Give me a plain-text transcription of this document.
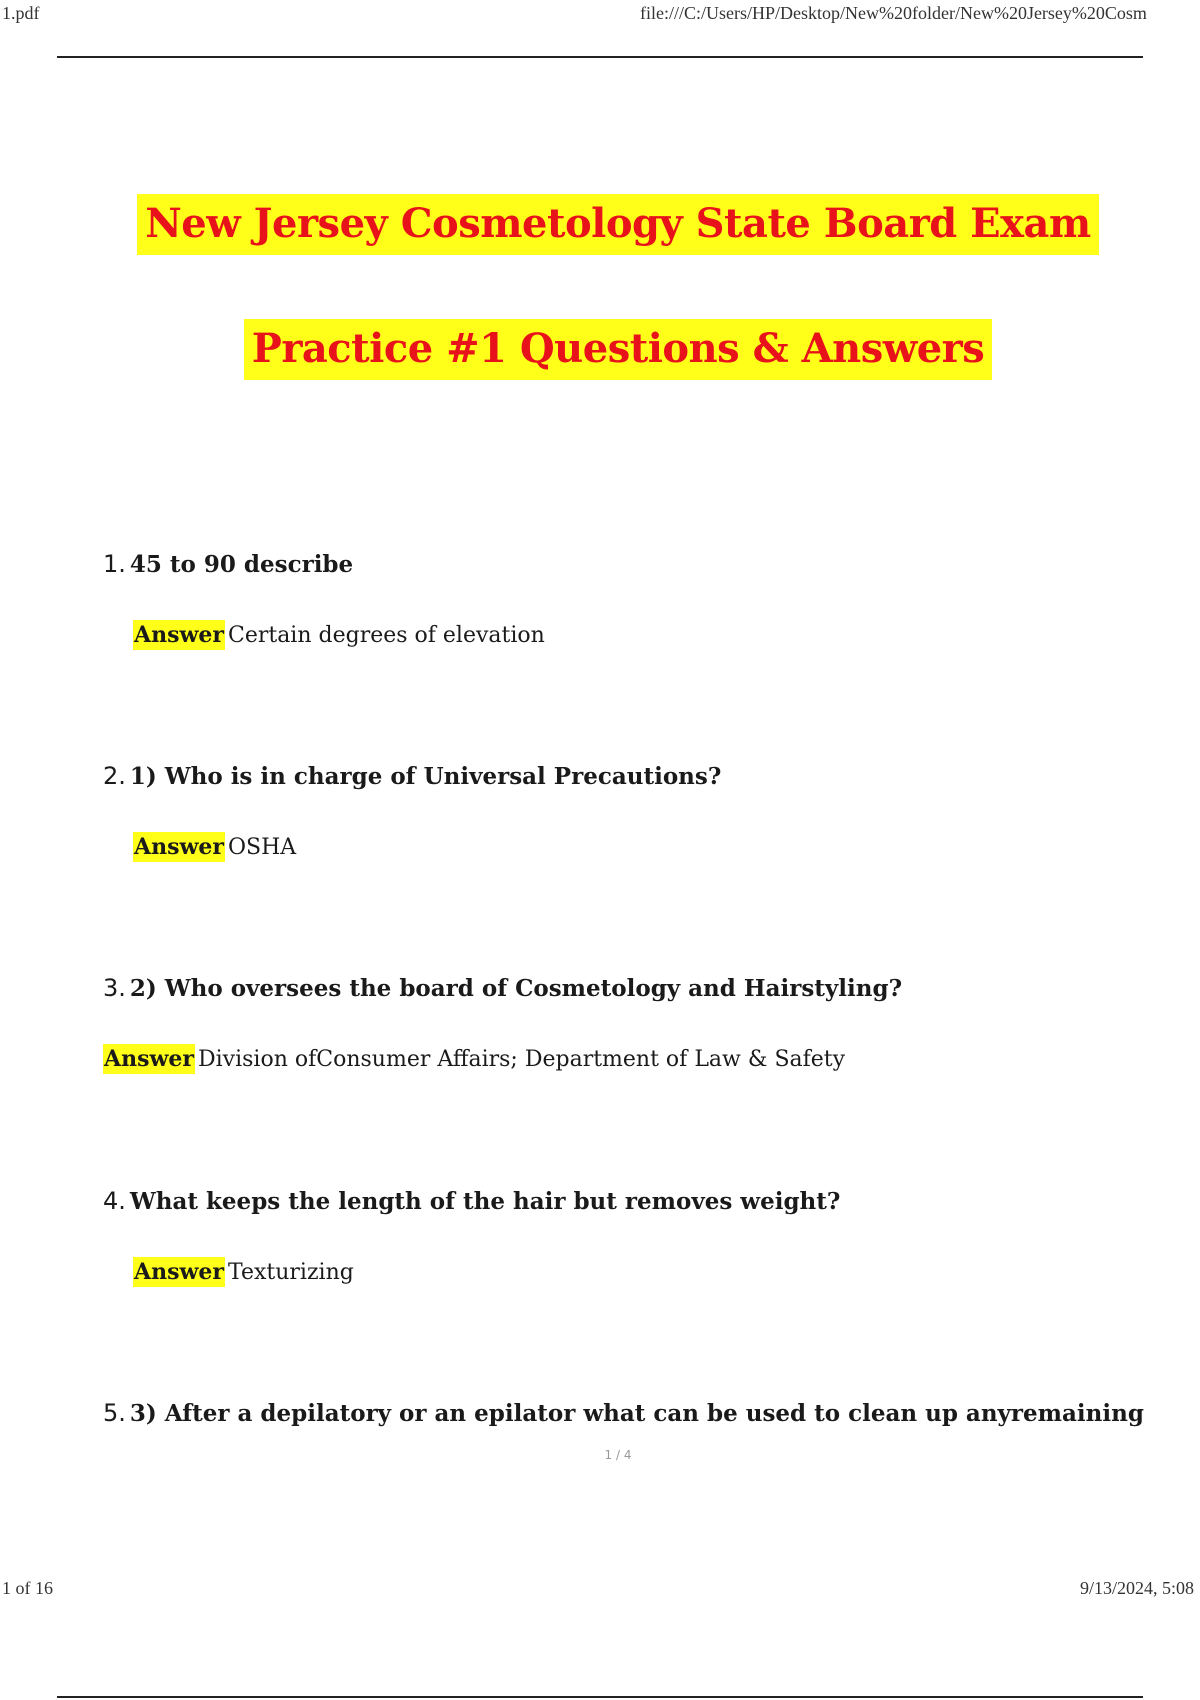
1.pdf	file:///C:/Users/HP/Desktop/New%20folder/New%20Jersey%20Cosm
New Jersey Cosmetology State Board Exam
Practice #1 Questions & Answers
1. 45 to 90 describe
Answer Certain degrees of elevation
2. 1) Who is in charge of Universal Precautions?
Answer OSHA
3. 2) Who oversees the board of Cosmetology and Hairstyling?
Answer Division ofConsumer Affairs; Department of Law & Safety
4. What keeps the length of the hair but removes weight?
Answer Texturizing
5. 3) After a depilatory or an epilator what can be used to clean up anyremaining
1 / 4
1 of 16	9/13/2024, 5:08
